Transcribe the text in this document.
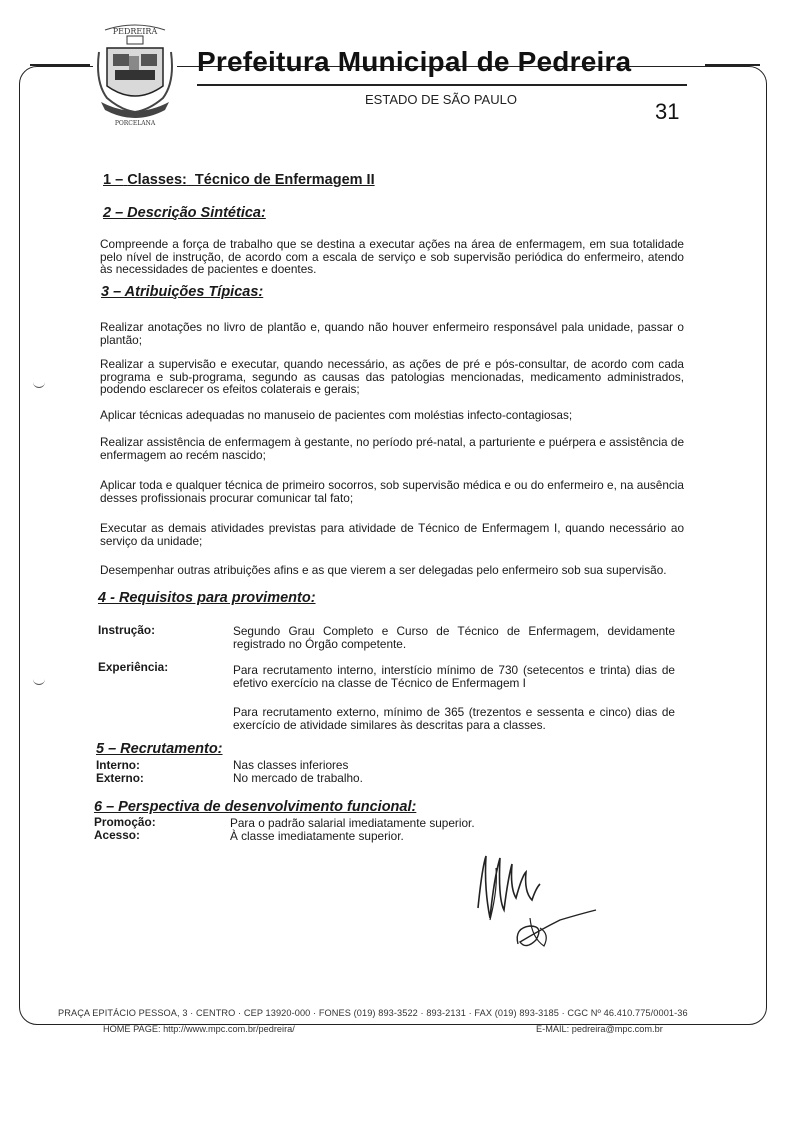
PEDREIRA
PORCELANA
Prefeitura Municipal de Pedreira
ESTADO DE SÃO PAULO	31
1 – Classes: Técnico de Enfermagem II
2 – Descrição Sintética:
Compreende a força de trabalho que se destina a executar ações na área de enfermagem, em sua totalidade pelo nível de instrução, de acordo com a escala de serviço e sob supervisão periódica do enfermeiro, atendo às necessidades de pacientes e doentes.
3 – Atribuições Típicas:
Realizar anotações no livro de plantão e, quando não houver enfermeiro responsável pala unidade, passar o plantão;
Realizar a supervisão e executar, quando necessário, as ações de pré e pós-consultar, de acordo com cada programa e sub-programa, segundo as causas das patologias mencionadas, medicamento administrados, podendo esclarecer os efeitos colaterais e gerais;
Aplicar técnicas adequadas no manuseio de pacientes com moléstias infecto-contagiosas;
Realizar assistência de enfermagem à gestante, no período pré-natal, a parturiente e puérpera e assistência de enfermagem ao recém nascido;
Aplicar toda e qualquer técnica de primeiro socorros, sob supervisão médica e ou do enfermeiro e, na ausência desses profissionais procurar comunicar tal fato;
Executar as demais atividades previstas para atividade de Técnico de Enfermagem I, quando necessário ao serviço da unidade;
Desempenhar outras atribuições afins e as que vierem a ser delegadas pelo enfermeiro sob sua supervisão.
4 - Requisitos para provimento:
Instrução:	Segundo Grau Completo e Curso de Técnico de Enfermagem, devidamente registrado no Órgão competente.
Experiência:	Para recrutamento interno, interstício mínimo de 730 (setecentos e trinta) dias de efetivo exercício na classe de Técnico de Enfermagem I
Para recrutamento externo, mínimo de 365 (trezentos e sessenta e cinco) dias de exercício de atividade similares às descritas para a classes.
5 – Recrutamento:
Interno:	Nas classes inferiores
Externo:	No mercado de trabalho.
6 – Perspectiva de desenvolvimento funcional:
Promoção:	Para o padrão salarial imediatamente superior.
Acesso:	À classe imediatamente superior.
PRAÇA EPITÁCIO PESSOA, 3 · CENTRO · CEP 13920-000 · FONES (019) 893-3522 · 893-2131 · FAX (019) 893-3185 · CGC Nº 46.410.775/0001-36
HOME PAGE: http://www.mpc.com.br/pedreira/	E-MAIL: pedreira@mpc.com.br
